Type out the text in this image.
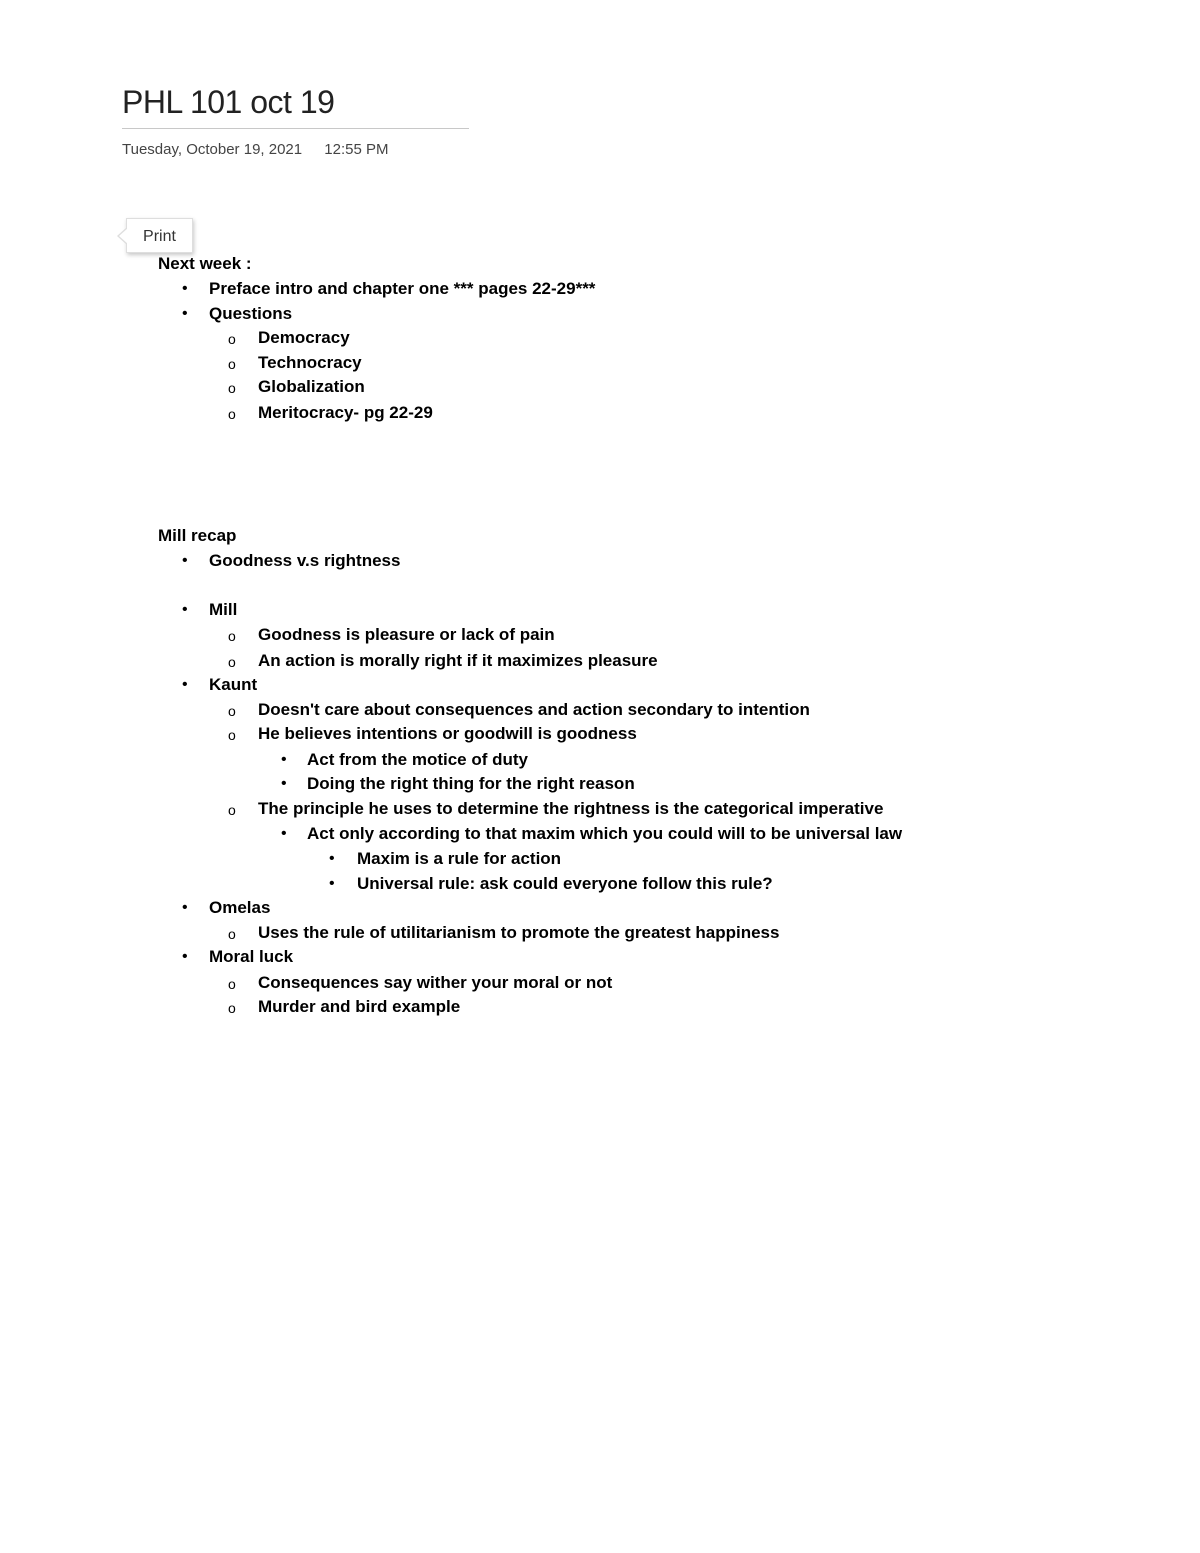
PHL 101 oct 19
Tuesday, October 19, 2021 12:55 PM
Print
Next week :
• Preface intro and chapter one *** pages 22-29***
• Questions
o Democracy
o Technocracy
o Globalization
o Meritocracy- pg 22-29
Mill recap
• Goodness v.s rightness
• Mill
o Goodness is pleasure or lack of pain
o An action is morally right if it maximizes pleasure
• Kaunt
o Doesn't care about consequences and action secondary to intention
o He believes intentions or goodwill is goodness
• Act from the motice of duty
• Doing the right thing for the right reason
o The principle he uses to determine the rightness is the categorical imperative
• Act only according to that maxim which you could will to be universal law
• Maxim is a rule for action
• Universal rule: ask could everyone follow this rule?
• Omelas
o Uses the rule of utilitarianism to promote the greatest happiness
• Moral luck
o Consequences say wither your moral or not
o Murder and bird example
